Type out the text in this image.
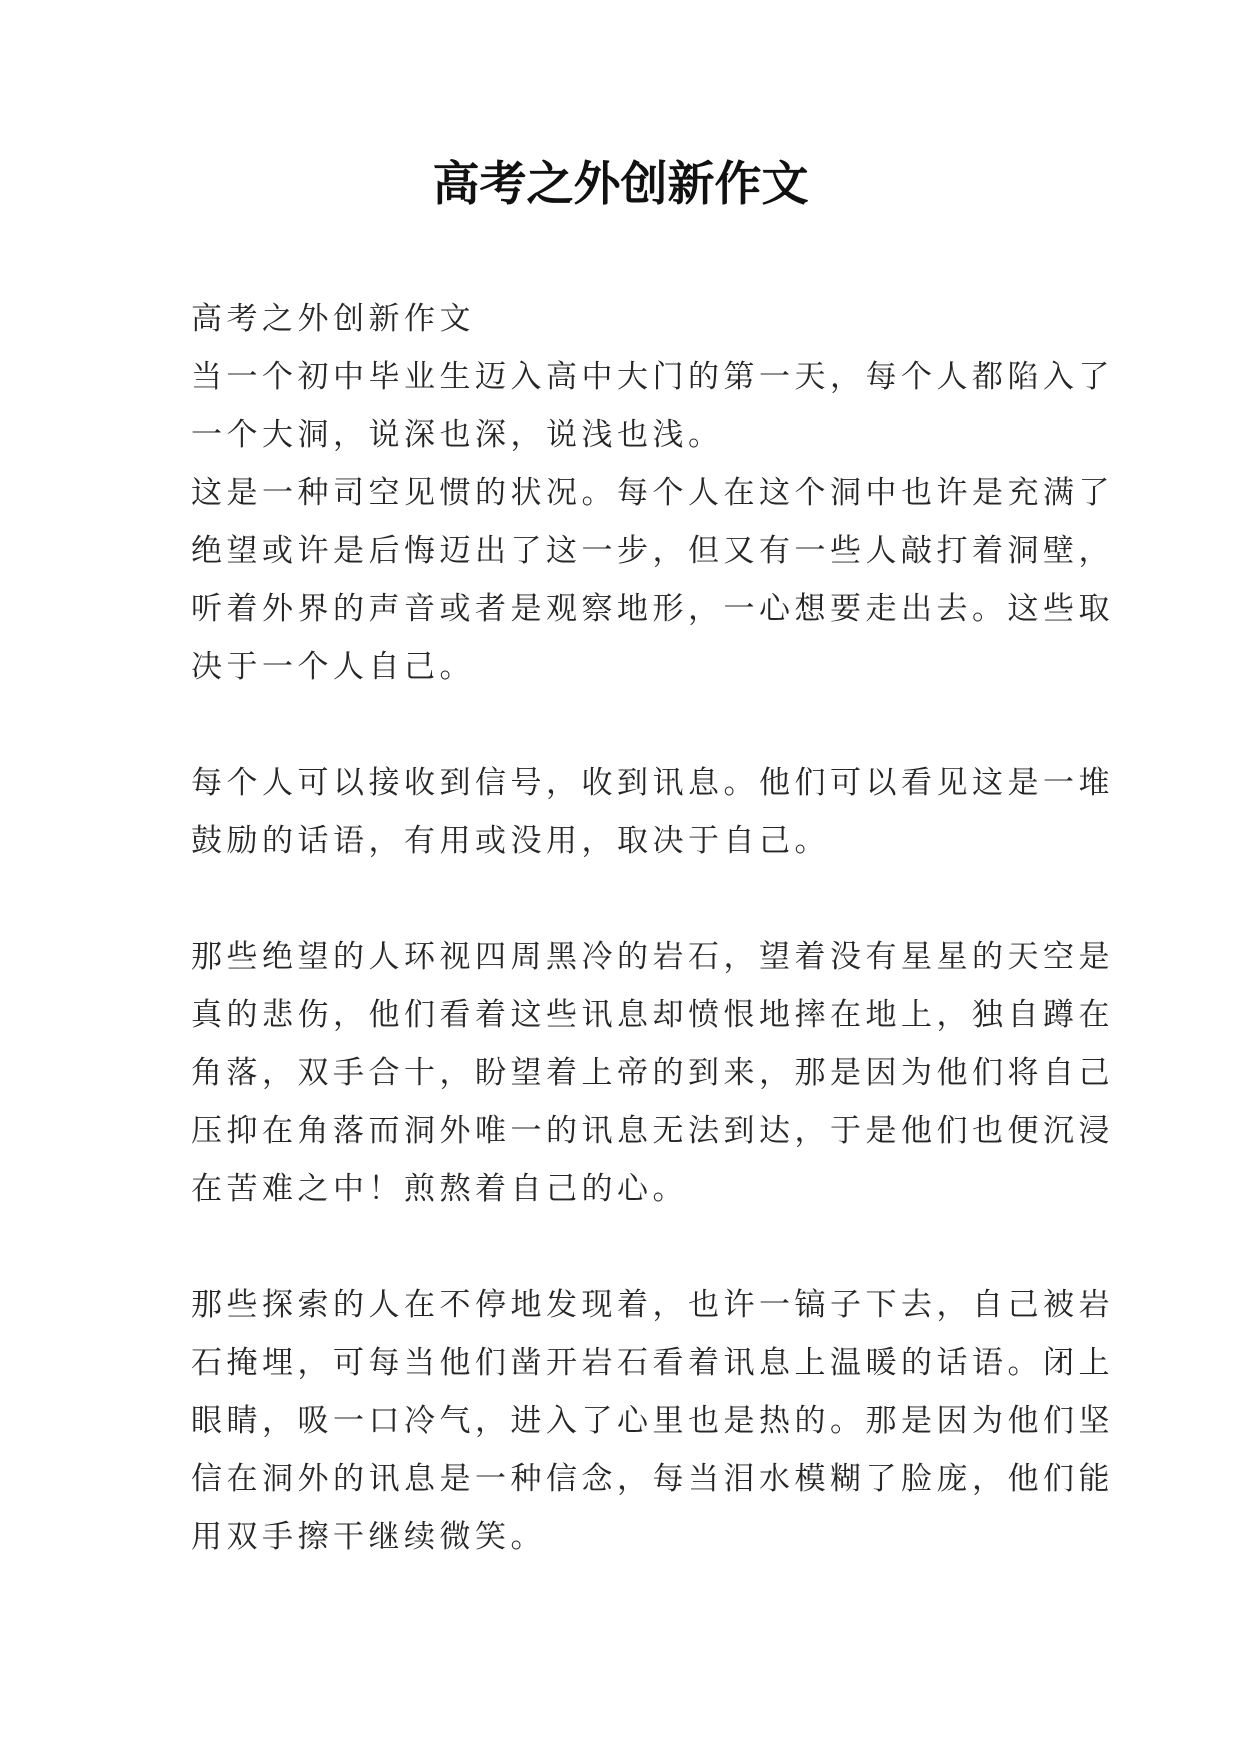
高考之外创新作文
高考之外创新作文
当一个初中毕业生迈入高中大门的第一天，每个人都陷入了
一个大洞，说深也深，说浅也浅。
这是一种司空见惯的状况。每个人在这个洞中也许是充满了
绝望或许是后悔迈出了这一步，但又有一些人敲打着洞壁，
听着外界的声音或者是观察地形，一心想要走出去。这些取
决于一个人自己。
每个人可以接收到信号，收到讯息。他们可以看见这是一堆
鼓励的话语，有用或没用，取决于自己。
那些绝望的人环视四周黑冷的岩石，望着没有星星的天空是
真的悲伤，他们看着这些讯息却愤恨地摔在地上，独自蹲在
角落，双手合十，盼望着上帝的到来，那是因为他们将自己
压抑在角落而洞外唯一的讯息无法到达，于是他们也便沉浸
在苦难之中！煎熬着自己的心。
那些探索的人在不停地发现着，也许一镐子下去，自己被岩
石掩埋，可每当他们凿开岩石看着讯息上温暖的话语。闭上
眼睛，吸一口冷气，进入了心里也是热的。那是因为他们坚
信在洞外的讯息是一种信念，每当泪水模糊了脸庞，他们能
用双手擦干继续微笑。
